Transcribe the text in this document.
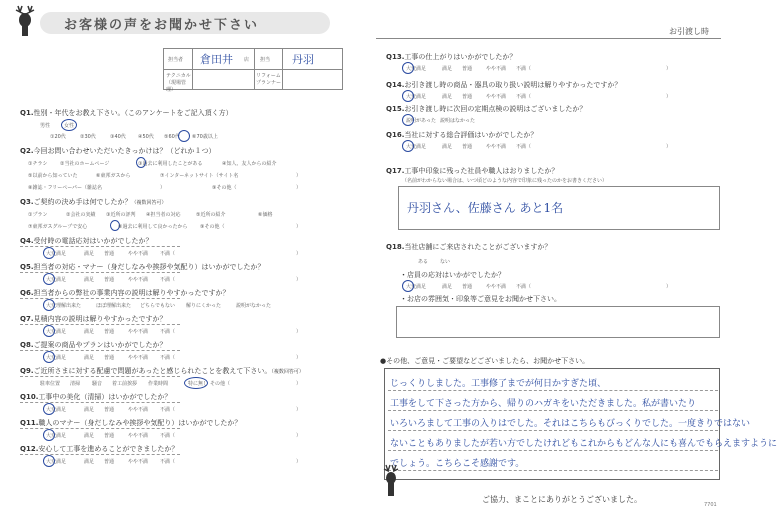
お客様の声をお聞かせ下さい
担当者 倉田井 店 担当 丹羽
テクニカル（現場管理）
リフォームプランナー
Q1.性別・年代をお教え下さい。（このアンケートをご記入頂く方）
男性	女性
①20代	②30代	③40代 ④50代 ⑤60代 ⑥70歳以上
Q2.今回お問い合わせいただいたきっかけは？（どれか１つ）
①チラシ	②当社のホームページ	③過去に利用したことがある	④知人、友人からの紹介
⑤以前から知っていた	⑥東邦ガスから	⑦インターネットサイト（サイト名	）
⑧雑誌・フリーペーパー（雑誌名	）	⑨その他（	）
Q3.ご契約の決め手は何でしたか？（複数回答可）
①プラン	②会社の実績 ③近所の評判 ④担当者の対応	⑤近所の紹介	⑥価格
⑦東邦ガスグループで安心	⑧過去に利用して良かったから	⑨その他（	）
Q4.受付時の電話応対はいかがでしたか？
大変満足	満足 普通	やや不満 不満（	）
Q5.担当者の対応・マナー（身だしなみや挨拶や気配り）はいかがでしたか？
大変満足	満足 普通	やや不満 不満（	）
Q6.担当者からの弊社の事業内容の説明は解りやすかったですか？
大変理解出来た	ほぼ理解出来た どちらでもない 解りにくかった	説明がなかった
Q7.見積内容の説明は解りやすかったですか？
大変満足	満足 普通	やや不満 不満（	）
Q8.ご提案の商品やプランはいかがでしたか？
大変満足	満足 普通	やや不満 不満（	）
Q9.ご近所さまに対する配慮で問題があったと感じられたことを教えて下さい。（複数回答可）
駐車位置 清掃 騒音 着工前挨拶 作業時間	特に無し その他（	）
Q10.工事中の美化（清掃）はいかがでしたか？
大変満足	満足 普通	やや不満 不満（	）
Q11.職人のマナー（身だしなみや挨拶や気配り）はいかがでしたか？
大変満足	満足 普通	やや不満 不満（	）
Q12.安心して工事を進めることができましたか？
大変満足	満足 普通	やや不満 不満（	）
お引渡し時
Q13.工事の仕上がりはいかがでしたか？
大変満足	満足 普通	やや不満 不満（	）
Q14.お引き渡し時の商品・器具の取り扱い説明は解りやすかったですか？
大変満足	満足 普通	やや不満 不満（	）
Q15.お引き渡し時に次回の定期点検の説明はございましたか？
説明があった 説明はなかった
Q16.当社に対する総合評価はいかがでしたか？
大変満足	満足 普通	やや不満 不満（	）
Q17.工事中印象に残った社員や職人はおりましたか？
（名前がわからない場合は、いつ頃どのような内容で印象に残ったのかをお書きください）
Q18.当社店舗にご来店されたことがございますか？
・店員の応対はいかがでしたか？
大変満足	満足 普通	やや不満 不満（	）
・お店の雰囲気・印象等ご意見をお聞かせ下さい。
丹羽さん、佐藤さん あと1名
ある ない
●その他、ご意見・ご要望などございましたら、お聞かせ下さい。
じっくりしました。工事修了までが何日かすぎた頃、
工事をして下さった方から、帰りのハガキをいただきました。私が書いたり
いろいろまして工事の入りはでした。それはこちらもびっくりでした。一度きりではない
ないこともありましたが若い方でしたけれどもこれからもどんな人にも喜んでもらえますように
でしょう。こちらこそ感謝です。
ご協力、まことにありがとうございました。
7701
